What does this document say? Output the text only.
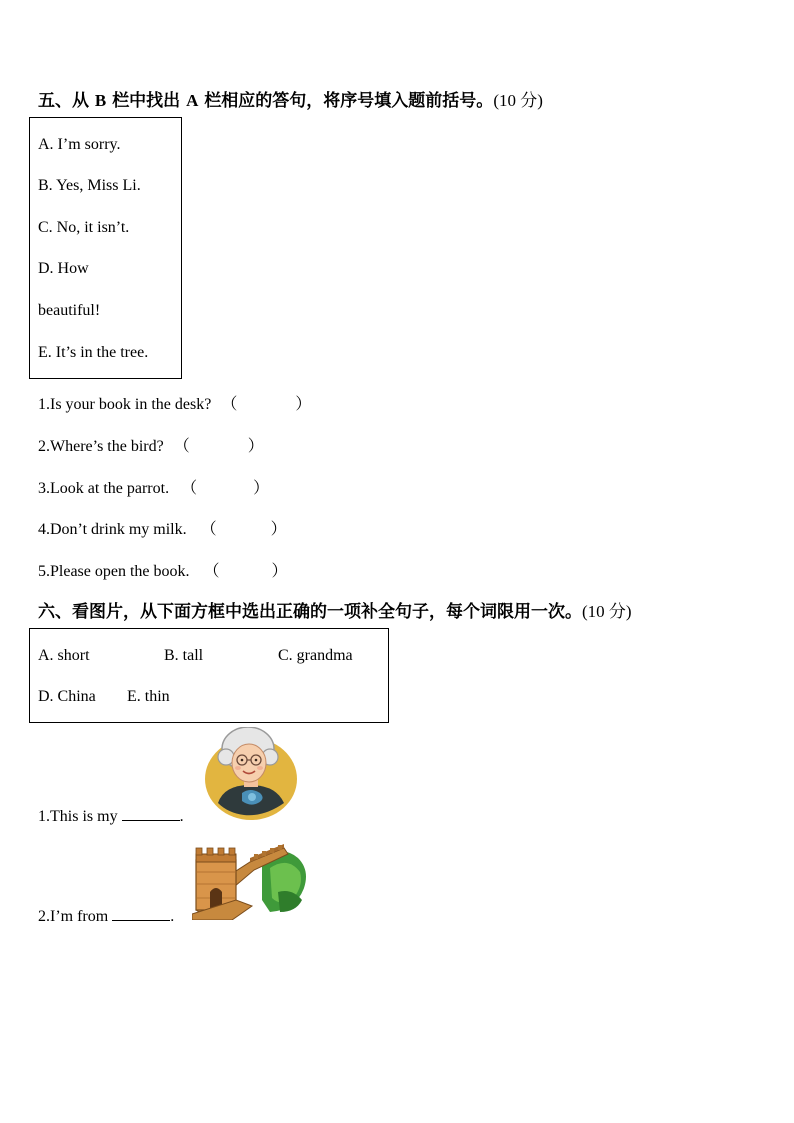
五、从 B 栏中找出 A 栏相应的答句，将序号填入题前括号。(10 分)
A. I’m sorry.
B. Yes, Miss Li.
C. No, it isn’t.
D. How
beautiful!
E. It’s in the tree.
1.Is your book in the desk? （	）
2.Where’s the bird? （	）
3.Look at the parrot. （	）
4.Don’t drink my milk. （	）
5.Please open the book. （	）
六、看图片，从下面方框中选出正确的一项补全句子，每个词限用一次。(10 分)
A. short	B. tall	C. grandma
D. China E. thin
1.This is my	.
2.I’m from	.
